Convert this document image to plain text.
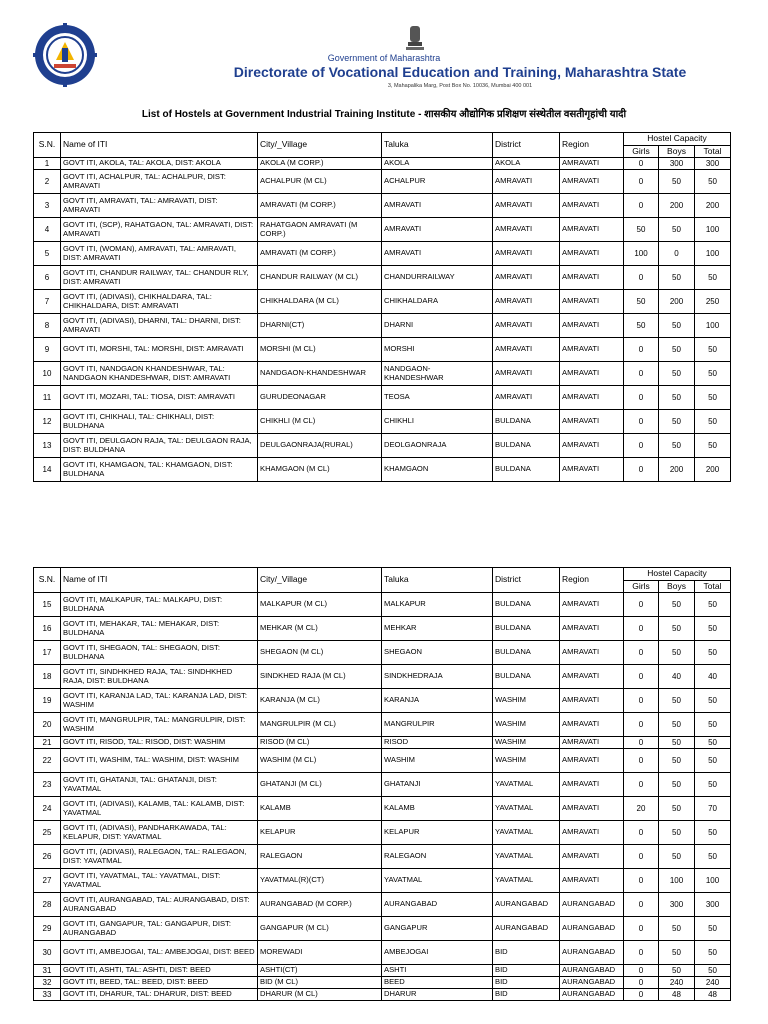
Government of Maharashtra
Directorate of Vocational Education and Training, Maharashtra State
3, Mahapalika Marg, Post Box No. 10036, Mumbai 400 001
List of Hostels at Government Industrial Training Institute - शासकीय औद्योगिक प्रशिक्षण संस्थेतील वसतीगृहांची यादी
S.N.	Name of ITI	City/_Village	Taluka	District	Region	Hostel Capacity		
						Girls	Boys	Total
1	GOVT ITI, AKOLA, TAL: AKOLA, DIST: AKOLA	AKOLA (M CORP.)	AKOLA	AKOLA	AMRAVATI	0	300	300
2	GOVT ITI, ACHALPUR, TAL: ACHALPUR, DIST: AMRAVATI	ACHALPUR (M CL)	ACHALPUR	AMRAVATI	AMRAVATI	0	50	50
3	GOVT ITI, AMRAVATI, TAL: AMRAVATI, DIST: AMRAVATI	AMRAVATI (M CORP.)	AMRAVATI	AMRAVATI	AMRAVATI	0	200	200
4	GOVT ITI, (SCP), RAHATGAON, TAL: AMRAVATI, DIST: AMRAVATI	RAHATGAON AMRAVATI (M CORP.)	AMRAVATI	AMRAVATI	AMRAVATI	50	50	100
5	GOVT ITI, (WOMAN), AMRAVATI, TAL: AMRAVATI, DIST: AMRAVATI	AMRAVATI (M CORP.)	AMRAVATI	AMRAVATI	AMRAVATI	100	0	100
6	GOVT ITI, CHANDUR RAILWAY, TAL: CHANDUR RLY, DIST: AMRAVATI	CHANDUR RAILWAY (M CL)	CHANDURRAILWAY	AMRAVATI	AMRAVATI	0	50	50
7	GOVT ITI, (ADIVASI), CHIKHALDARA, TAL: CHIKHALDARA, DIST: AMRAVATI	CHIKHALDARA (M CL)	CHIKHALDARA	AMRAVATI	AMRAVATI	50	200	250
8	GOVT ITI, (ADIVASI), DHARNI, TAL: DHARNI, DIST: AMRAVATI	DHARNI(CT)	DHARNI	AMRAVATI	AMRAVATI	50	50	100
9	GOVT ITI, MORSHI, TAL: MORSHI, DIST: AMRAVATI	MORSHI (M CL)	MORSHI	AMRAVATI	AMRAVATI	0	50	50
10	GOVT ITI, NANDGAON KHANDESHWAR, TAL: NANDGAON KHANDESHWAR, DIST: AMRAVATI	NANDGAON-KHANDESHWAR	NANDGAON-KHANDESHWAR	AMRAVATI	AMRAVATI	0	50	50
11	GOVT ITI, MOZARI, TAL: TIOSA, DIST: AMRAVATI	GURUDEONAGAR	TEOSA	AMRAVATI	AMRAVATI	0	50	50
12	GOVT ITI, CHIKHALI, TAL: CHIKHALI, DIST: BULDHANA	CHIKHLI (M CL)	CHIKHLI	BULDANA	AMRAVATI	0	50	50
13	GOVT ITI, DEULGAON RAJA, TAL: DEULGAON RAJA, DIST: BULDHANA	DEULGAONRAJA(RURAL)	DEOLGAONRAJA	BULDANA	AMRAVATI	0	50	50
14	GOVT ITI, KHAMGAON, TAL: KHAMGAON, DIST: BULDHANA	KHAMGAON (M CL)	KHAMGAON	BULDANA	AMRAVATI	0	200	200
S.N.	Name of ITI	City/_Village	Taluka	District	Region	Hostel Capacity		
						Girls	Boys	Total
15	GOVT ITI, MALKAPUR, TAL: MALKAPU, DIST: BULDHANA	MALKAPUR (M CL)	MALKAPUR	BULDANA	AMRAVATI	0	50	50
16	GOVT ITI, MEHAKAR, TAL: MEHAKAR, DIST: BULDHANA	MEHKAR (M CL)	MEHKAR	BULDANA	AMRAVATI	0	50	50
17	GOVT ITI, SHEGAON, TAL: SHEGAON, DIST: BULDHANA	SHEGAON (M CL)	SHEGAON	BULDANA	AMRAVATI	0	50	50
18	GOVT ITI, SINDHKHED RAJA, TAL: SINDHKHED RAJA, DIST: BULDHANA	SINDKHED RAJA (M CL)	SINDKHEDRAJA	BULDANA	AMRAVATI	0	40	40
19	GOVT ITI, KARANJA LAD, TAL: KARANJA LAD, DIST: WASHIM	KARANJA (M CL)	KARANJA	WASHIM	AMRAVATI	0	50	50
20	GOVT ITI, MANGRULPIR, TAL: MANGRULPIR, DIST: WASHIM	MANGRULPIR (M CL)	MANGRULPIR	WASHIM	AMRAVATI	0	50	50
21	GOVT ITI, RISOD, TAL: RISOD, DIST: WASHIM	RISOD (M CL)	RISOD	WASHIM	AMRAVATI	0	50	50
22	GOVT ITI, WASHIM, TAL: WASHIM, DIST: WASHIM	WASHIM (M CL)	WASHIM	WASHIM	AMRAVATI	0	50	50
23	GOVT ITI, GHATANJI, TAL: GHATANJI, DIST: YAVATMAL	GHATANJI (M CL)	GHATANJI	YAVATMAL	AMRAVATI	0	50	50
24	GOVT ITI, (ADIVASI), KALAMB, TAL: KALAMB, DIST: YAVATMAL	KALAMB	KALAMB	YAVATMAL	AMRAVATI	20	50	70
25	GOVT ITI, (ADIVASI), PANDHARKAWADA, TAL: KELAPUR, DIST: YAVATMAL	KELAPUR	KELAPUR	YAVATMAL	AMRAVATI	0	50	50
26	GOVT ITI, (ADIVASI), RALEGAON, TAL: RALEGAON, DIST: YAVATMAL	RALEGAON	RALEGAON	YAVATMAL	AMRAVATI	0	50	50
27	GOVT ITI, YAVATMAL, TAL: YAVATMAL, DIST: YAVATMAL	YAVATMAL(R)(CT)	YAVATMAL	YAVATMAL	AMRAVATI	0	100	100
28	GOVT ITI, AURANGABAD, TAL: AURANGABAD, DIST: AURANGABAD	AURANGABAD (M CORP.)	AURANGABAD	AURANGABAD	AURANGABAD	0	300	300
29	GOVT ITI, GANGAPUR, TAL: GANGAPUR, DIST: AURANGABAD	GANGAPUR (M CL)	GANGAPUR	AURANGABAD	AURANGABAD	0	50	50
30	GOVT ITI, AMBEJOGAI, TAL: AMBEJOGAI, DIST: BEED	MOREWADI	AMBEJOGAI	BID	AURANGABAD	0	50	50
31	GOVT ITI, ASHTI, TAL: ASHTI, DIST: BEED	ASHTI(CT)	ASHTI	BID	AURANGABAD	0	50	50
32	GOVT ITI, BEED, TAL: BEED, DIST: BEED	BID (M CL)	BEED	BID	AURANGABAD	0	240	240
33	GOVT ITI, DHARUR, TAL: DHARUR, DIST: BEED	DHARUR (M CL)	DHARUR	BID	AURANGABAD	0	48	48
